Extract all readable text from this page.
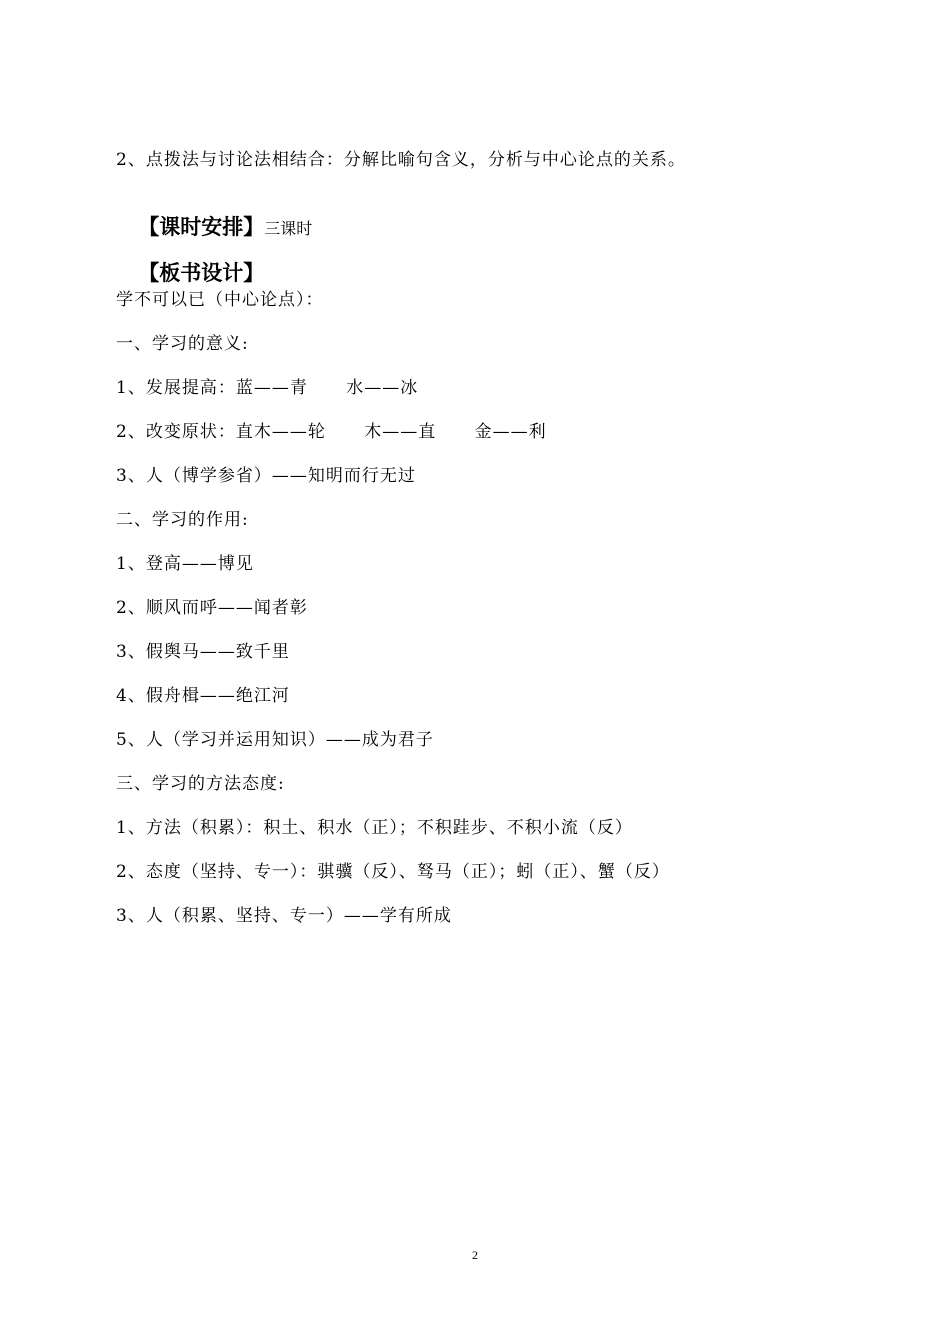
2、点拨法与讨论法相结合：分解比喻句含义，分析与中心论点的关系。

【课时安排】三课时

【板书设计】

学不可以已（中心论点）：
一、学习的意义:
1、发展提高：蓝——青      水——冰
2、改变原状：直木——轮      木——直      金——利
3、人（博学参省）——知明而行无过
二、学习的作用:
1、登高——博见
2、顺风而呼——闻者彰
3、假舆马——致千里
4、假舟楫——绝江河
5、人（学习并运用知识）——成为君子
三、学习的方法态度:
1、方法（积累）：积土、积水（正）；不积跬步、不积小流（反）
2、态度（坚持、专一）：骐骥（反）、驽马（正）；蚓（正）、蟹（反）
3、人（积累、坚持、专一）——学有所成
2
